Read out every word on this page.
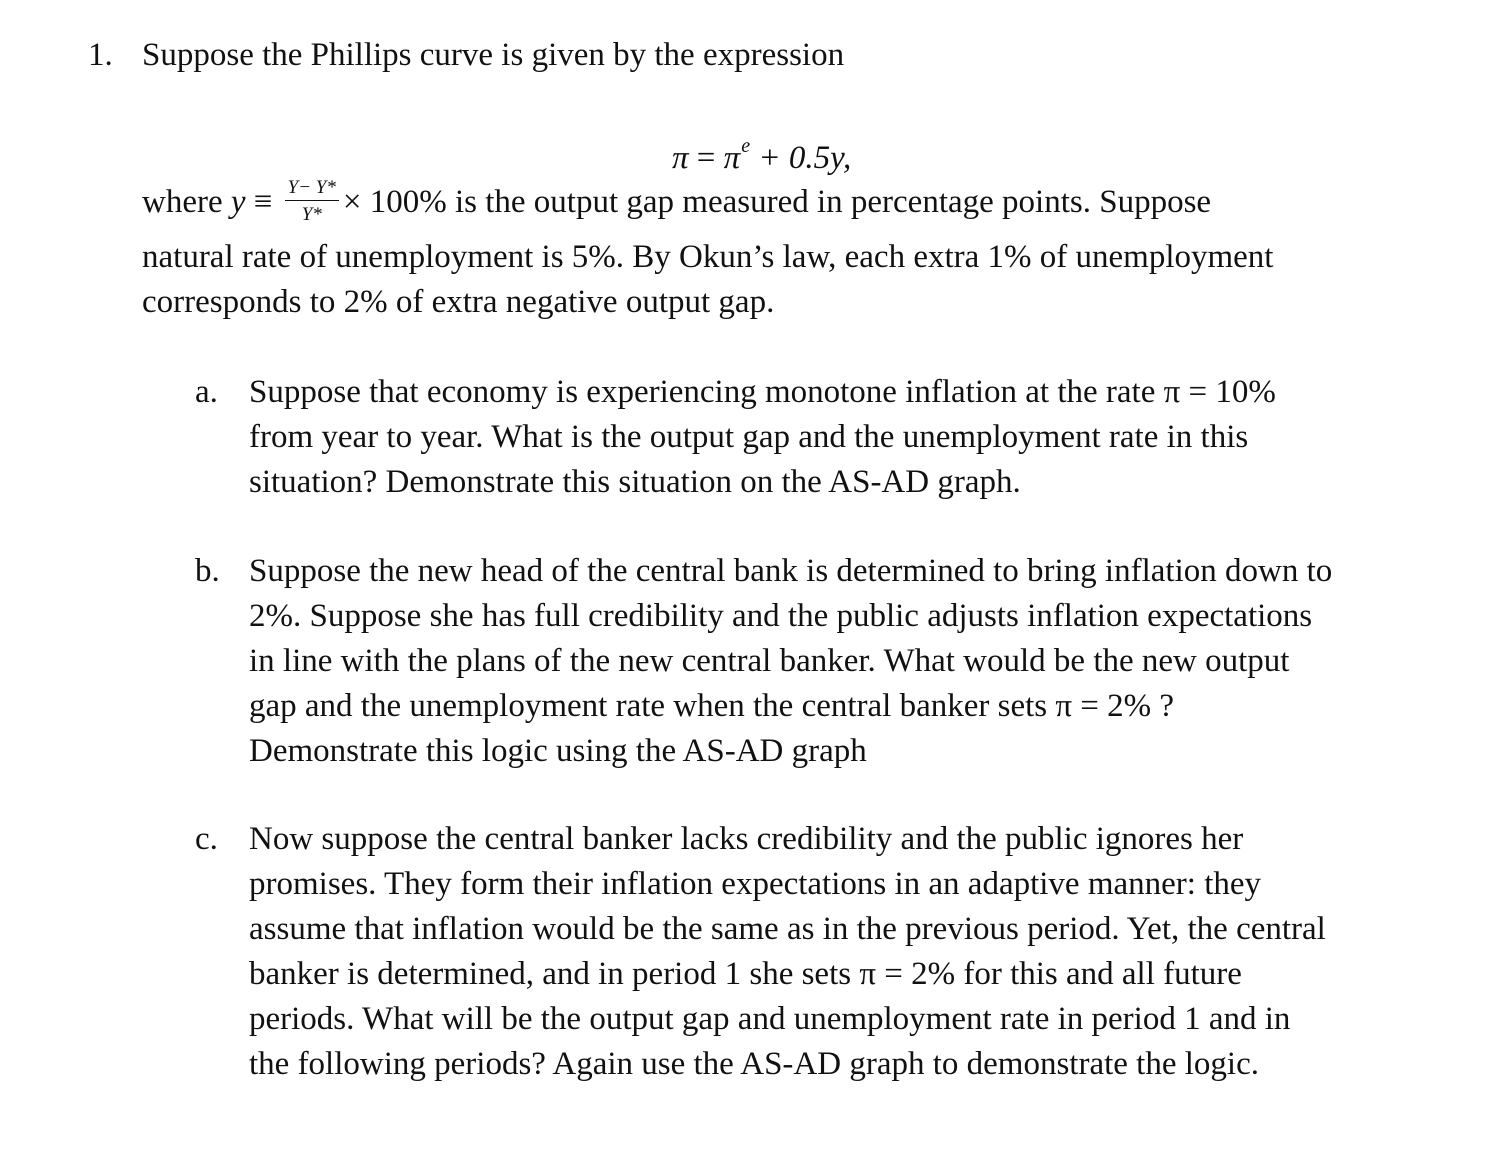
1. Suppose the Phillips curve is given by the expression
$\pi = \pi^e + 0.5y$,
where $y \equiv \frac{Y- Y*}{Y*} \times 100\%$ is the output gap measured in percentage points. Suppose
natural rate of unemployment is 5%. By Okun’s law, each extra 1% of unemployment
corresponds to 2% of extra negative output gap.
a. Suppose that economy is experiencing monotone inflation at the rate π = 10%
from year to year. What is the output gap and the unemployment rate in this
situation? Demonstrate this situation on the AS-AD graph.
b. Suppose the new head of the central bank is determined to bring inflation down to
2%. Suppose she has full credibility and the public adjusts inflation expectations
in line with the plans of the new central banker. What would be the new output
gap and the unemployment rate when the central banker sets π = 2% ?
Demonstrate this logic using the AS-AD graph
c. Now suppose the central banker lacks credibility and the public ignores her
promises. They form their inflation expectations in an adaptive manner: they
assume that inflation would be the same as in the previous period. Yet, the central
banker is determined, and in period 1 she sets π = 2% for this and all future
periods. What will be the output gap and unemployment rate in period 1 and in
the following periods? Again use the AS-AD graph to demonstrate the logic.
